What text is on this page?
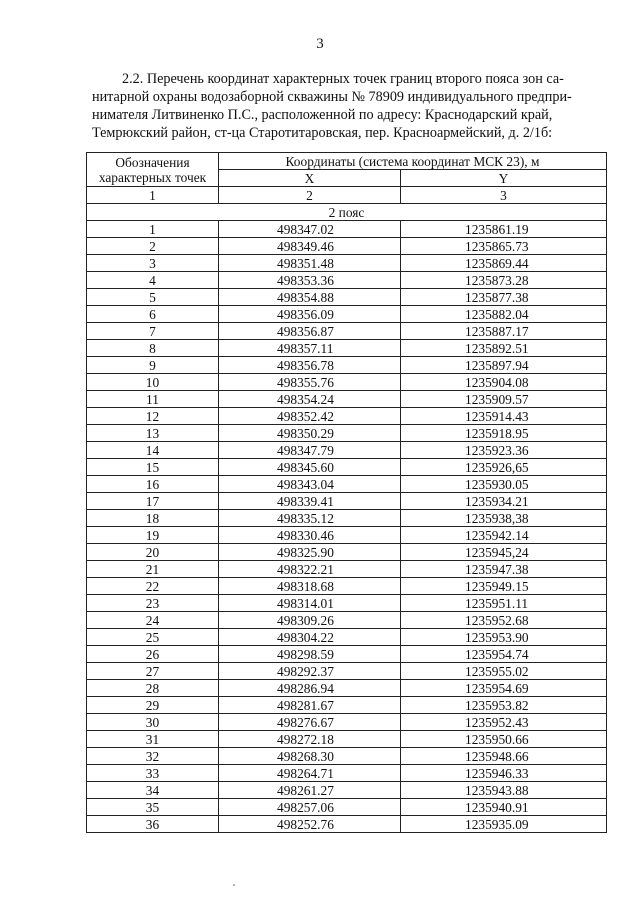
3
2.2. Перечень координат характерных точек границ второго пояса зон са-
нитарной охраны водозаборной скважины № 78909 индивидуального предпри-
нимателя Литвиненко П.С., расположенной по адресу: Краснодарский край,
Темрюкский район, ст-ца Старотитаровская, пер. Красноармейский, д. 2/1б:
Обозначения характерных точек	Координаты (система координат МСК 23), м	
	X	Y
1	2	3
2 пояс		
1	498347.02	1235861.19
2	498349.46	1235865.73
3	498351.48	1235869.44
4	498353.36	1235873.28
5	498354.88	1235877.38
6	498356.09	1235882.04
7	498356.87	1235887.17
8	498357.11	1235892.51
9	498356.78	1235897.94
10	498355.76	1235904.08
11	498354.24	1235909.57
12	498352.42	1235914.43
13	498350.29	1235918.95
14	498347.79	1235923.36
15	498345.60	1235926,65
16	498343.04	1235930.05
17	498339.41	1235934.21
18	498335.12	1235938,38
19	498330.46	1235942.14
20	498325.90	1235945,24
21	498322.21	1235947.38
22	498318.68	1235949.15
23	498314.01	1235951.11
24	498309.26	1235952.68
25	498304.22	1235953.90
26	498298.59	1235954.74
27	498292.37	1235955.02
28	498286.94	1235954.69
29	498281.67	1235953.82
30	498276.67	1235952.43
31	498272.18	1235950.66
32	498268.30	1235948.66
33	498264.71	1235946.33
34	498261.27	1235943.88
35	498257.06	1235940.91
36	498252.76	1235935.09
